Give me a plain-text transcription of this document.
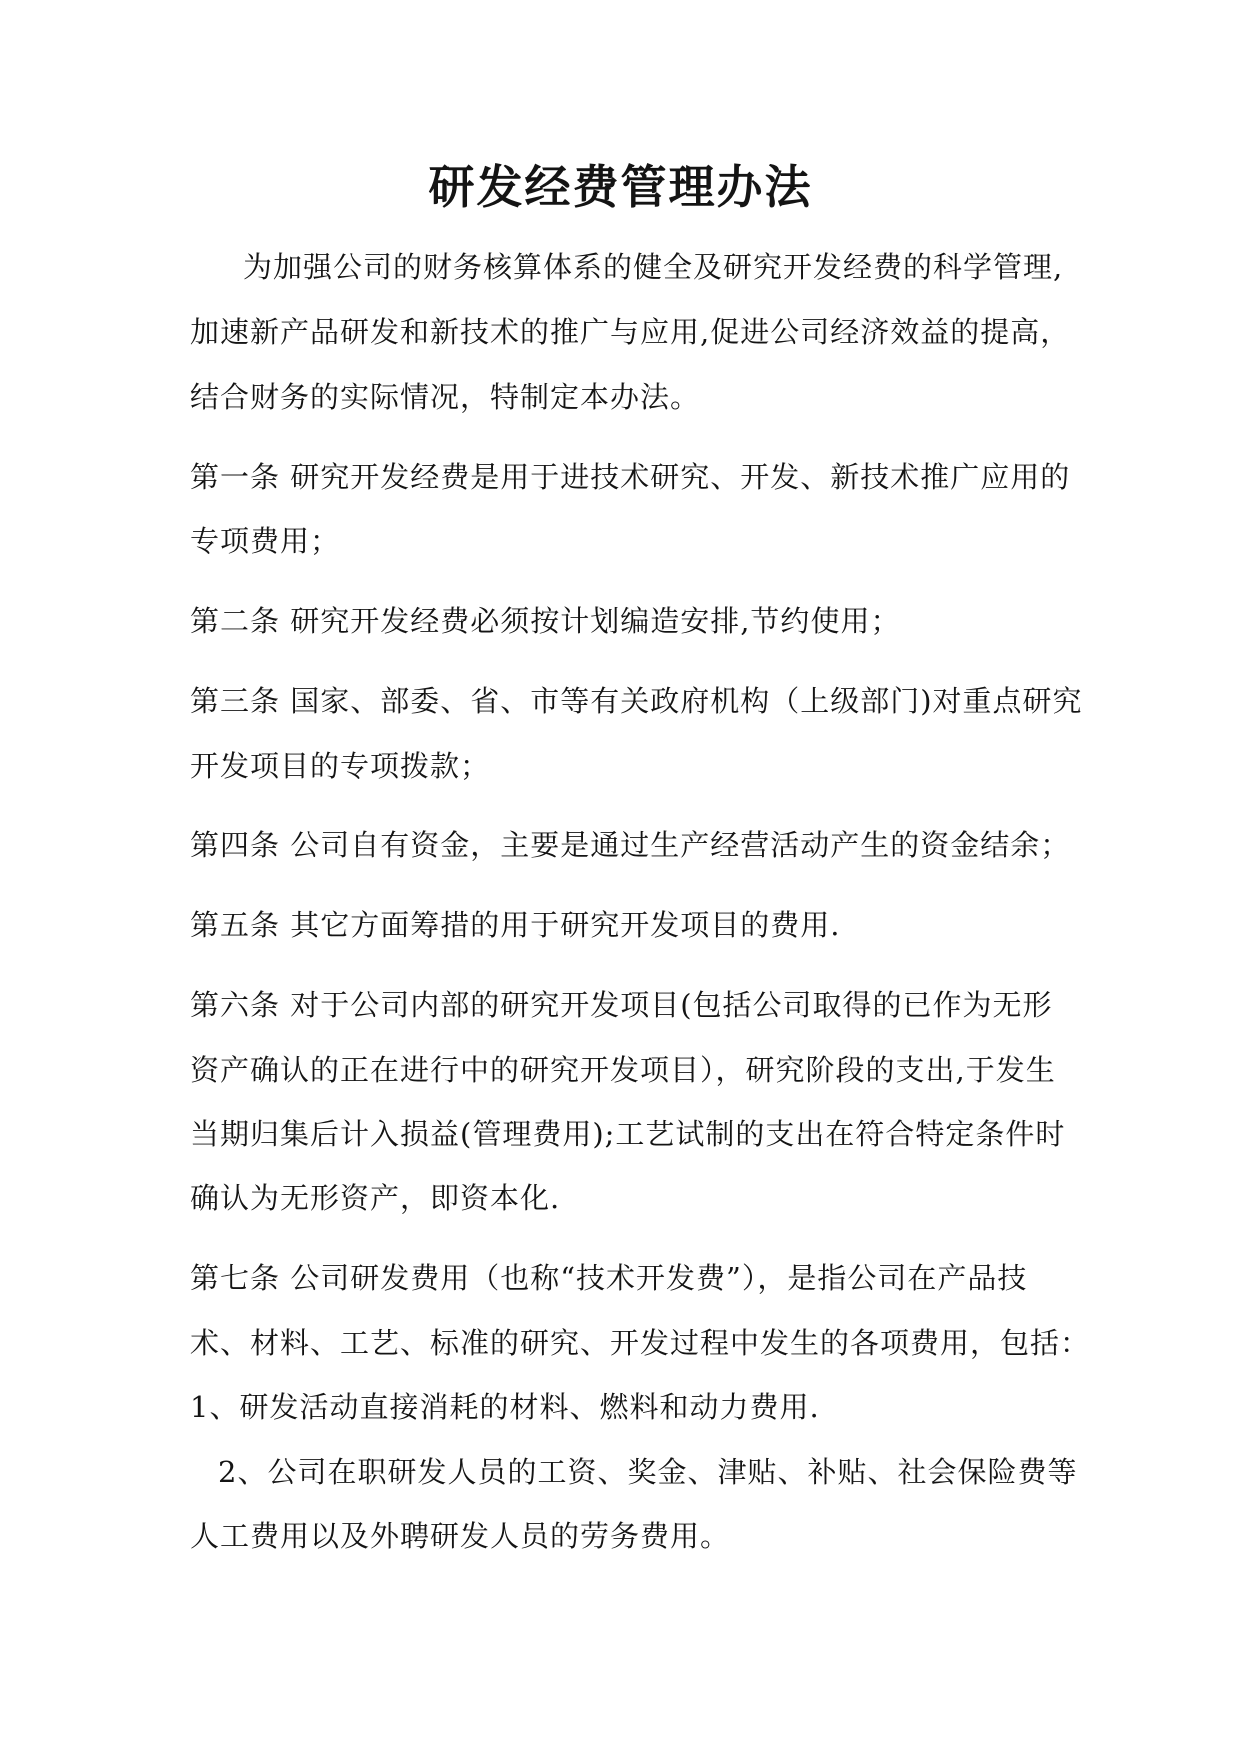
研发经费管理办法
为加强公司的财务核算体系的健全及研究开发经费的科学管理,
加速新产品研发和新技术的推广与应用,促进公司经济效益的提高，
结合财务的实际情况，特制定本办法。
第一条 研究开发经费是用于进技术研究、开发、新技术推广应用的
专项费用；
第二条 研究开发经费必须按计划编造安排,节约使用；
第三条 国家、部委、省、市等有关政府机构（上级部门)对重点研究
开发项目的专项拨款；
第四条 公司自有资金，主要是通过生产经营活动产生的资金结余；
第五条 其它方面筹措的用于研究开发项目的费用.
第六条 对于公司内部的研究开发项目(包括公司取得的已作为无形
资产确认的正在进行中的研究开发项目），研究阶段的支出,于发生
当期归集后计入损益(管理费用);工艺试制的支出在符合特定条件时
确认为无形资产，即资本化.
第七条 公司研发费用（也称“技术开发费”），是指公司在产品技
术、材料、工艺、标准的研究、开发过程中发生的各项费用，包括：
1、研发活动直接消耗的材料、燃料和动力费用.
2、公司在职研发人员的工资、奖金、津贴、补贴、社会保险费等
人工费用以及外聘研发人员的劳务费用。
